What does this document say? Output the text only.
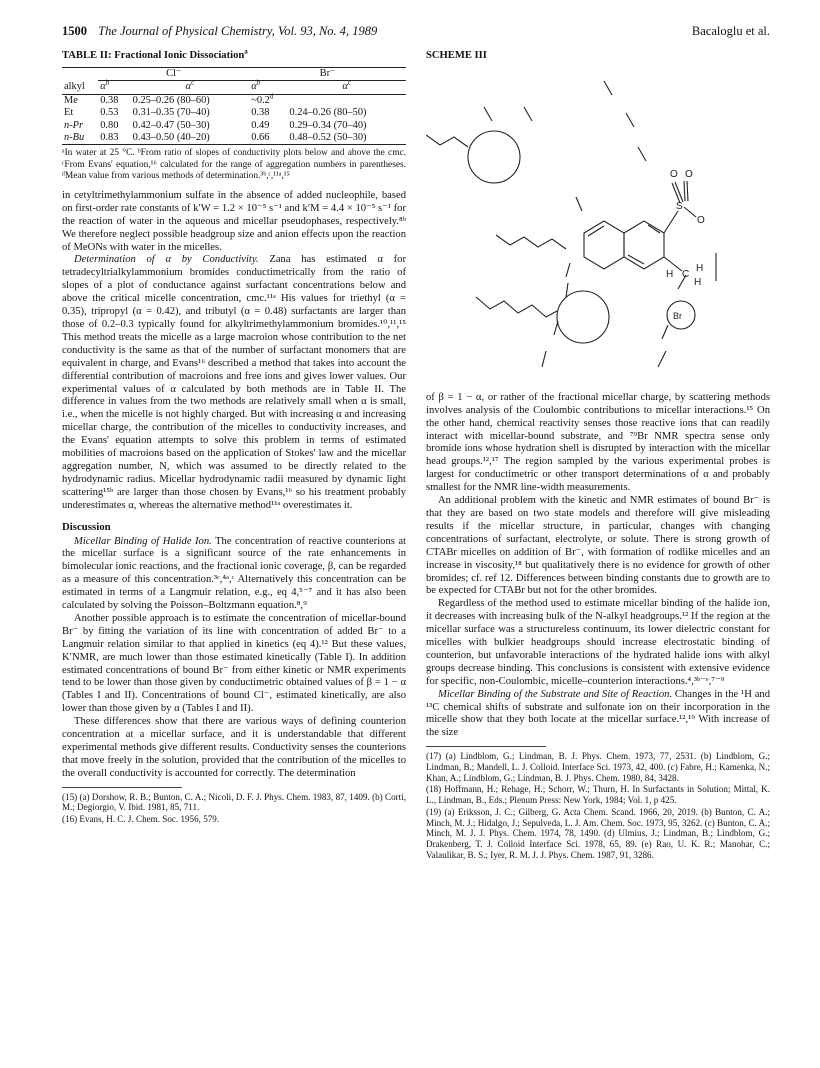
1500 The Journal of Physical Chemistry, Vol. 93, No. 4, 1989	Bacaloglu et al.
TABLE II: Fractional Ionic Dissociation$^a$
	Cl⁻		Br⁻	
alkyl	$\alpha^b$	$\alpha^c$	$\alpha^b$	$\alpha^c$
Me	0.38	0.25–0.26 (80–60)	~0.2$^d$	
Et	0.53	0.31–0.35 (70–40)	0.38	0.24–0.26 (80–50)
n-Pr	0.80	0.42–0.47 (50–30)	0.49	0.29–0.34 (70–40)
n-Bu	0.83	0.43–0.50 (40–20)	0.66	0.48–0.52 (50–30)
ᵃIn water at 25 °C. ᵇFrom ratio of slopes of conductivity plots below and above the cmc. ᶜFrom Evans' equation,¹⁶ calculated for the range of aggregation numbers in parentheses. ᵈMean value from various methods of determination.³ᵇ,ᶜ,¹¹ᵃ,¹⁵

in cetyltrimethylammonium sulfate in the absence of added nucleophile, based on first-order rate constants of k′W = 1.2 × 10⁻⁵ s⁻¹ and k′M = 4.4 × 10⁻⁵ s⁻¹ for the reaction of water in the aqueous and micellar pseudophases, respectively.⁸ᵇ We therefore neglect possible headgroup size and anion effects upon the reaction of MeONs with water in the micelles.

Determination of α by Conductivity. Zana has estimated α for tetradecyltrialkylammonium bromides conductimetrically from the ratio of slopes of a plot of conductance against surfactant concentrations below and above the critical micelle concentration, cmc.¹¹ᵃ His values for triethyl (α = 0.35), tripropyl (α = 0.42), and tributyl (α = 0.48) surfactants are larger than those of 0.2–0.3 typically found for alkyltrimethylammonium bromides.¹⁰,¹¹,¹⁵ This method treats the micelle as a large macroion whose contribution to the net conductivity is the same as that of the number of surfactant monomers that are equivalent in charge, and Evans¹⁶ described a method that takes into account the differential contribution of macroions and free ions and gives lower values. Our experimental values of α calculated by both methods are in Table II. The difference in values from the two methods are relatively small when α is small, i.e., when the micelle is not highly charged. But with increasing α and increasing micellar charge, the contribution of the micelles to conductivity increases, and the Evans' equation attempts to solve this problem in terms of estimated mobilities of macroions based on the application of Stokes' law and the micellar aggregation number, N, which was assumed to be directly related to the hydrodynamic radius. Micellar hydrodynamic radii measured by dynamic light scattering¹⁵ᵇ are larger than those chosen by Evans,¹⁶ so his treatment probably underestimates α, whereas the alternative method¹¹ᵃ overestimates it.

Discussion

Micellar Binding of Halide Ion. The concentration of reactive counterions at the micellar surface is a significant source of the rate enhancements in bimolecular ionic reactions, and the fractional ionic coverage, β, can be regarded as a measure of this concentration.³ᶜ,⁴ᵃ,ᶜ Alternatively this concentration can be estimated in terms of a Langmuir relation, e.g., eq 4,⁵⁻⁷ and it has also been calculated by solving the Poisson–Boltzmann equation.⁸,⁹

Another possible approach is to estimate the concentration of micellar-bound Br⁻ by fitting the variation of its line with concentration of added Br⁻ to a Langmuir relation similar to that applied in kinetics (eq 4).¹² But these values, K′NMR, are much lower than those estimated kinetically (Table I). In addition estimated concentrations of bound Br⁻ from either kinetic or NMR experiments tend to be lower than those given by conductimetric obtained values of β = 1 − α (Tables I and II). Concentrations of bound Cl⁻, estimated kinetically, are also lower than those given by α (Tables I and II).

These differences show that there are various ways of defining counterion concentration at a micellar surface, and it is understandable that different experimental methods give different results. Conductivity senses the counterions that move freely in the solution, provided that the contribution of the micelles to the overall conductivity is accounted for correctly. The determination

(15) (a) Dorshow, R. B.; Bunton, C. A.; Nicoli, D. F. J. Phys. Chem. 1983, 87, 1409. (b) Corti, M.; Degiorgio, V. Ibid. 1981, 85, 711.
(16) Evans, H. C. J. Chem. Soc. 1956, 579.
SCHEME III
O O
S
O
H C
H
H
Br

of β = 1 − α, or rather of the fractional micellar charge, by scattering methods involves analysis of the Coulombic contributions to micellar interactions.¹⁵ On the other hand, chemical reactivity senses those reactive ions that can readily interact with micellar-bound substrate, and ⁷⁹Br NMR spectra sense only bromide ions whose hydration shell is disrupted by interaction with the micellar head groups.¹²,¹⁷ The region sampled by the various experimental probes is largest for conductimetric or other transport determinations of α and probably smallest for the NMR line-width measurements.

An additional problem with the kinetic and NMR estimates of bound Br⁻ is that they are based on two state models and therefore will give misleading results if the micellar structure, in particular, changes with changing concentrations of surfactant, electrolyte, or solute. There is strong growth of CTABr micelles on addition of Br⁻, with formation of rodlike micelles and an increase in viscosity,¹⁸ but qualitatively there is no evidence for growth of other bromides; cf. ref 12. Differences between binding constants due to growth are to be expected for CTABr but not for the other bromides.

Regardless of the method used to estimate micellar binding of the halide ion, it decreases with increasing bulk of the N-alkyl headgroups.¹² If the region at the micellar surface was a structureless continuum, its lower dielectric constant for micelles with bulkier headgroups should increase electrostatic binding of counterion, but unfavorable interactions of the hydrated halide ions with alkyl groups decrease binding. This conclusions is consistent with extensive evidence for specific, non-Coulombic, micelle–counterion interactions.⁴,³ᵇ⁻ᵉ,⁷⁻⁹

Micellar Binding of the Substrate and Site of Reaction. Changes in the ¹H and ¹³C chemical shifts of substrate and sulfonate ion on their incorporation in the micelle show that they both locate at the micellar surface.¹²,¹⁹ With increase of the size

(17) (a) Lindblom, G.; Lindman, B. J. Phys. Chem. 1973, 77, 2531. (b) Lindblom, G.; Lindman, B.; Mandell, L. J. Colloid. Interface Sci. 1973, 42, 400. (c) Fabre, H.; Kamenka, N.; Khan, A.; Lindblom, G.; Lindman, B. J. Phys. Chem. 1980, 84, 3428.
(18) Hoffmann, H.; Rehage, H.; Schorr, W.; Thurn, H. In Surfactants in Solution; Mittal, K. L., Lindman, B., Eds.; Plenum Press: New York, 1984; Vol. 1, p 425.
(19) (a) Eriksson, J. C.; Gilberg, G. Acta Chem. Scand. 1966, 20, 2019. (b) Bunton, C. A.; Minch, M. J.; Hidalgo, J.; Sepulveda, L. J. Am. Chem. Soc. 1973, 95, 3262. (c) Bunton, C. A.; Minch, M. J. J. Phys. Chem. 1974, 78, 1490. (d) Ulmius, J.; Lindman, B.; Lindblom, G.; Drakenberg, T. J. Colloid Interface Sci. 1978, 65, 89. (e) Rao, U. K. R.; Manohar, C.; Valaulikar, B. S.; Iyer, R. M. J. J. Phys. Chem. 1987, 91, 3286.
